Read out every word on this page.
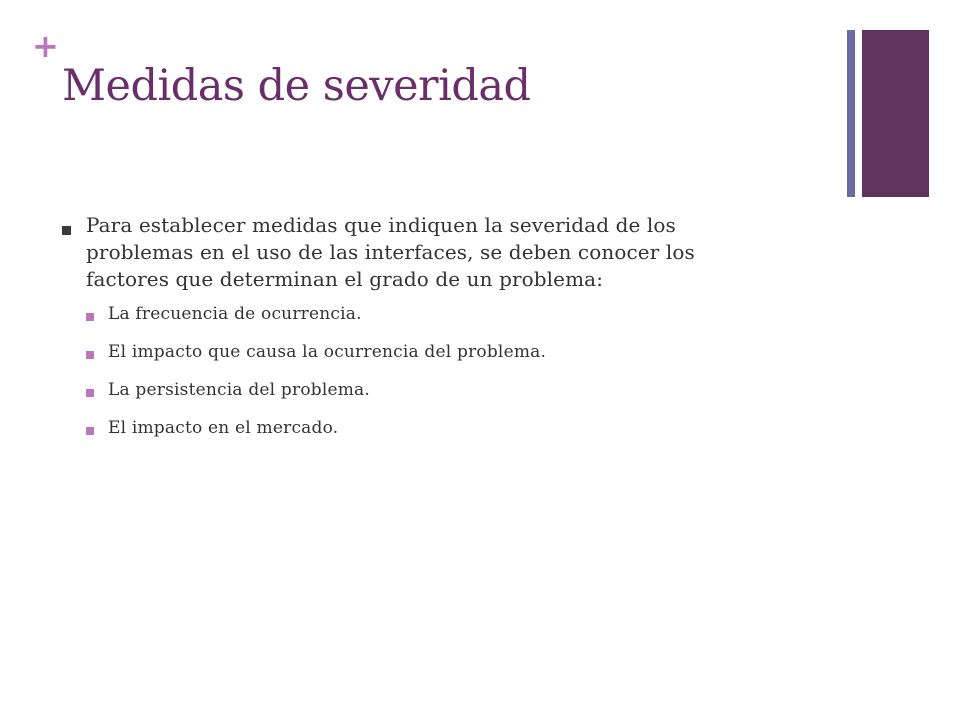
+
Medidas de severidad
Para establecer medidas que indiquen la severidad de los problemas en el uso de las interfaces, se deben conocer los factores que determinan el grado de un problema:
La frecuencia de ocurrencia.
El impacto que causa la ocurrencia del problema.
La persistencia del problema.
El impacto en el mercado.
